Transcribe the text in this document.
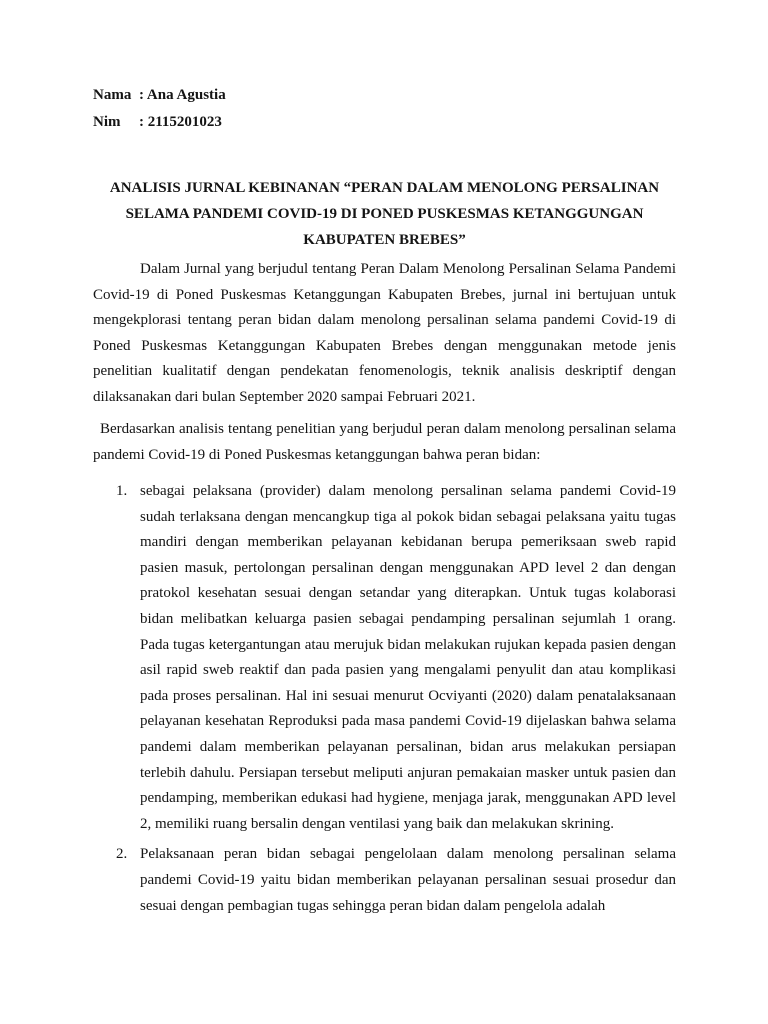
Nama : Ana Agustia
Nim : 2115201023
ANALISIS JURNAL KEBINANAN “PERAN DALAM MENOLONG PERSALINAN SELAMA PANDEMI COVID-19 DI PONED PUSKESMAS KETANGGUNGAN KABUPATEN BREBES”

Dalam Jurnal yang berjudul tentang Peran Dalam Menolong Persalinan Selama Pandemi Covid-19 di Poned Puskesmas Ketanggungan Kabupaten Brebes, jurnal ini bertujuan untuk mengekplorasi tentang peran bidan dalam menolong persalinan selama pandemi Covid-19 di Poned Puskesmas Ketanggungan Kabupaten Brebes dengan menggunakan metode jenis penelitian kualitatif dengan pendekatan fenomenologis, teknik analisis deskriptif dengan dilaksanakan dari bulan September 2020 sampai Februari 2021.

Berdasarkan analisis tentang penelitian yang berjudul peran dalam menolong persalinan selama pandemi Covid-19 di Poned Puskesmas ketanggungan bahwa peran bidan:

1. sebagai pelaksana (provider) dalam menolong persalinan selama pandemi Covid-19 sudah terlaksana dengan mencangkup tiga al pokok bidan sebagai pelaksana yaitu tugas mandiri dengan memberikan pelayanan kebidanan berupa pemeriksaan sweb rapid pasien masuk, pertolongan persalinan dengan menggunakan APD level 2 dan dengan pratokol kesehatan sesuai dengan setandar yang diterapkan. Untuk tugas kolaborasi bidan melibatkan keluarga pasien sebagai pendamping persalinan sejumlah 1 orang. Pada tugas ketergantungan atau merujuk bidan melakukan rujukan kepada pasien dengan asil rapid sweb reaktif dan pada pasien yang mengalami penyulit dan atau komplikasi pada proses persalinan. Hal ini sesuai menurut Ocviyanti (2020) dalam penatalaksanaan pelayanan kesehatan Reproduksi pada masa pandemi Covid-19 dijelaskan bahwa selama pandemi dalam memberikan pelayanan persalinan, bidan arus melakukan persiapan terlebih dahulu. Persiapan tersebut meliputi anjuran pemakaian masker untuk pasien dan pendamping, memberikan edukasi had hygiene, menjaga jarak, menggunakan APD level 2, memiliki ruang bersalin dengan ventilasi yang baik dan melakukan skrining.
2. Pelaksanaan peran bidan sebagai pengelolaan dalam menolong persalinan selama pandemi Covid-19 yaitu bidan memberikan pelayanan persalinan sesuai prosedur dan sesuai dengan pembagian tugas sehingga peran bidan dalam pengelola adalah
